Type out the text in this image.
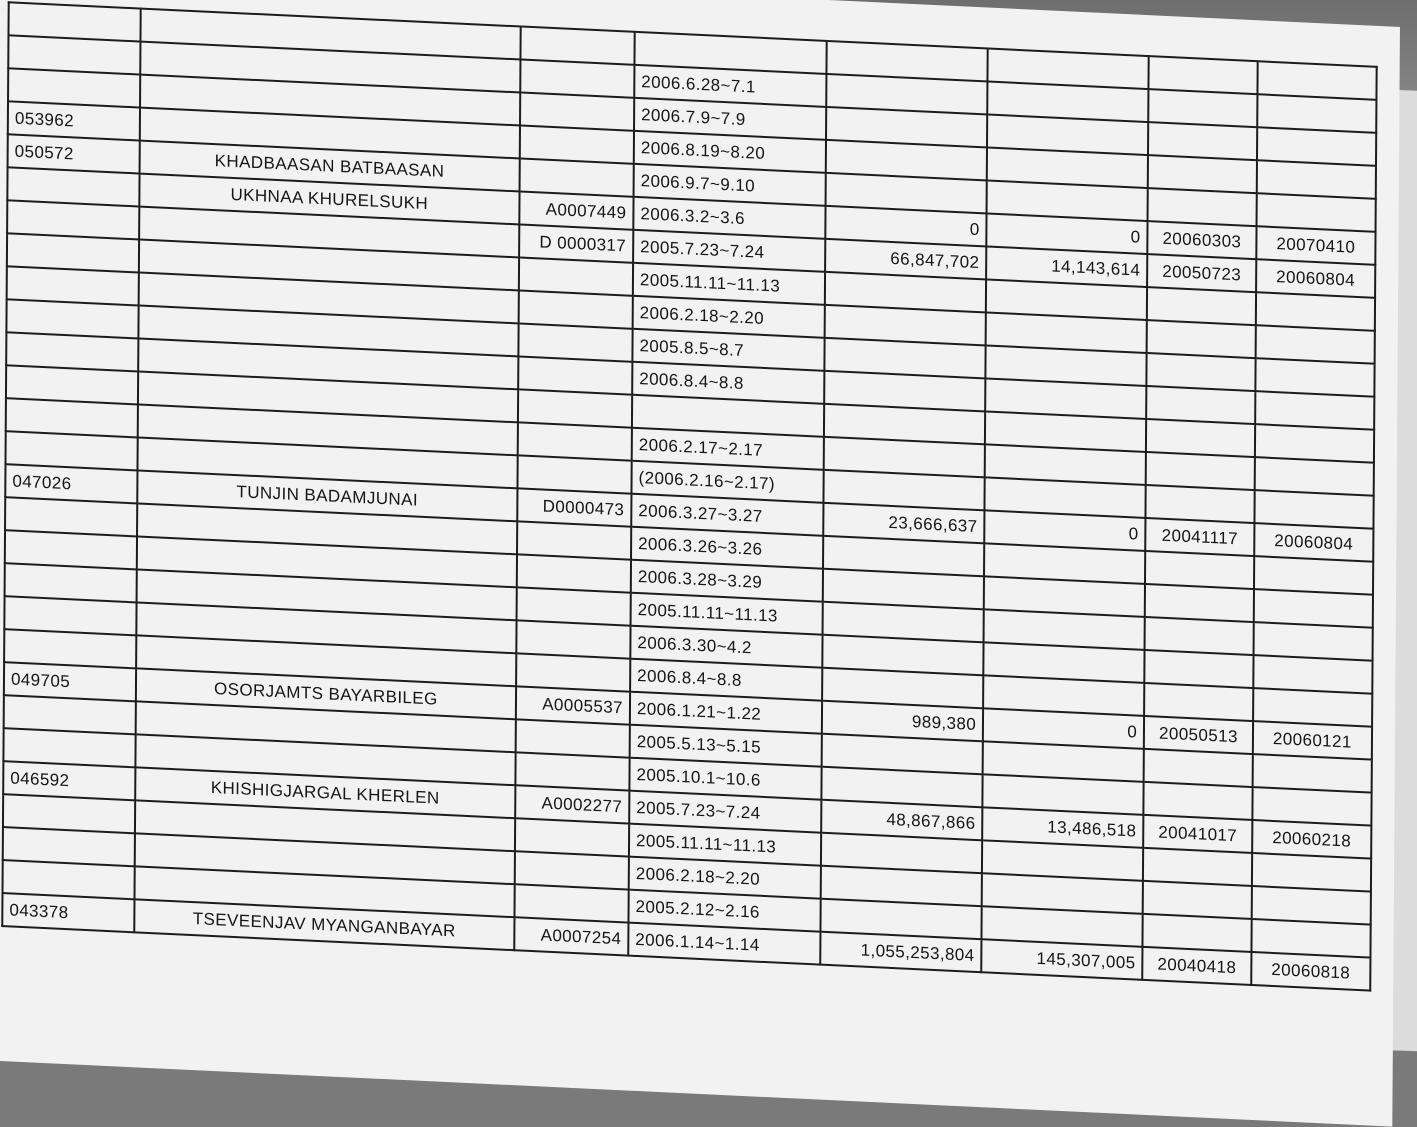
			2006.6.28~7.1				
			2006.7.9~7.9				
053962			2006.8.19~8.20				
050572	KHADBAASAN BATBAASAN		2006.9.7~9.10				
	UKHNAA KHURELSUKH	A0007449	2006.3.2~3.6	0	0	20060303	20070410
		D 0000317	2005.7.23~7.24	66,847,702	14,143,614	20050723	20060804
			2005.11.11~11.13				
			2006.2.18~2.20				
			2005.8.5~8.7				
			2006.8.4~8.8				

			2006.2.17~2.17				
			(2006.2.16~2.17)				
047026	TUNJIN BADAMJUNAI	D0000473	2006.3.27~3.27	23,666,637	0	20041117	20060804
			2006.3.26~3.26				
			2006.3.28~3.29				
			2005.11.11~11.13				
			2006.3.30~4.2				
			2006.8.4~8.8				
049705	OSORJAMTS BAYARBILEG	A0005537	2006.1.21~1.22	989,380	0	20050513	20060121
			2005.5.13~5.15				
			2005.10.1~10.6				
046592	KHISHIGJARGAL KHERLEN	A0002277	2005.7.23~7.24	48,867,866	13,486,518	20041017	20060218
			2005.11.11~11.13				
			2006.2.18~2.20				
			2005.2.12~2.16				
043378	TSEVEENJAV MYANGANBAYAR	A0007254	2006.1.14~1.14	1,055,253,804	145,307,005	20040418	20060818
